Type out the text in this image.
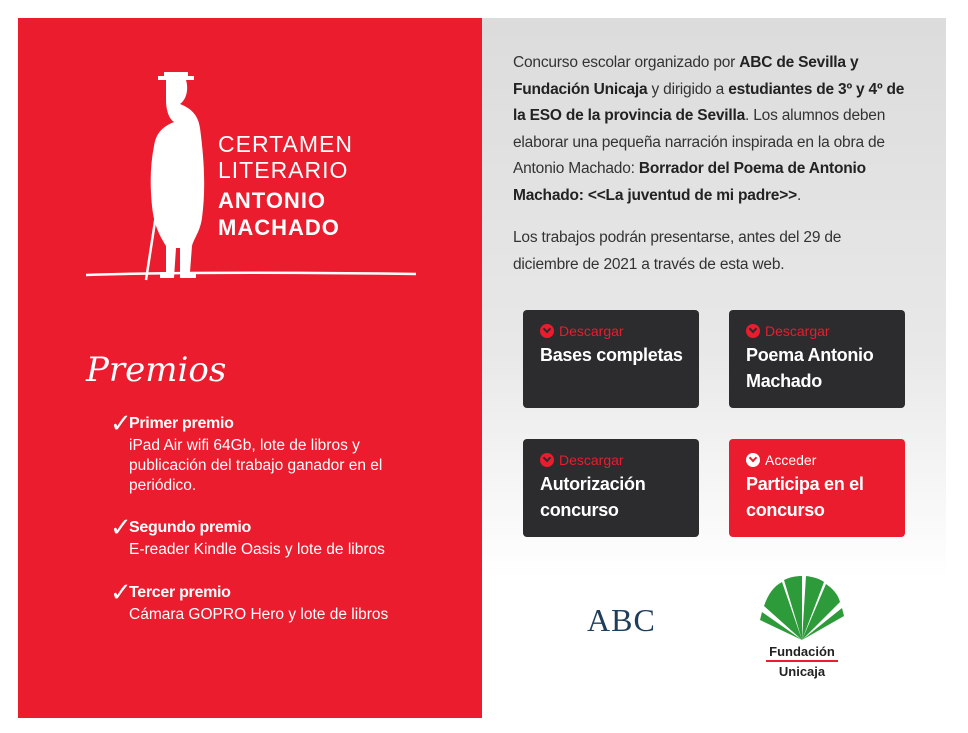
CERTAMEN
LITERARIO
ANTONIO
MACHADO
Premios
✓
Primer premio
iPad Air wifi 64Gb, lote de libros y publicación del trabajo ganador en el periódico.
✓
Segundo premio
E-reader Kindle Oasis y lote de libros
✓
Tercer premio
Cámara GOPRO Hero y lote de libros
Concurso escolar organizado por ABC de Sevilla y Fundación Unicaja y dirigido a estudiantes de 3º y 4º de la ESO de la provincia de Sevilla. Los alumnos deben elaborar una pequeña narración inspirada en la obra de Antonio Machado: Borrador del Poema de Antonio Machado: <<La juventud de mi padre>>.
Los trabajos podrán presentarse, antes del 29 de diciembre de 2021 a través de esta web.
Descargar
Bases completas
Descargar
Poema Antonio Machado
Descargar
Autorización concurso
Acceder
Participa en el concurso
ABC
Fundación
Unicaja
